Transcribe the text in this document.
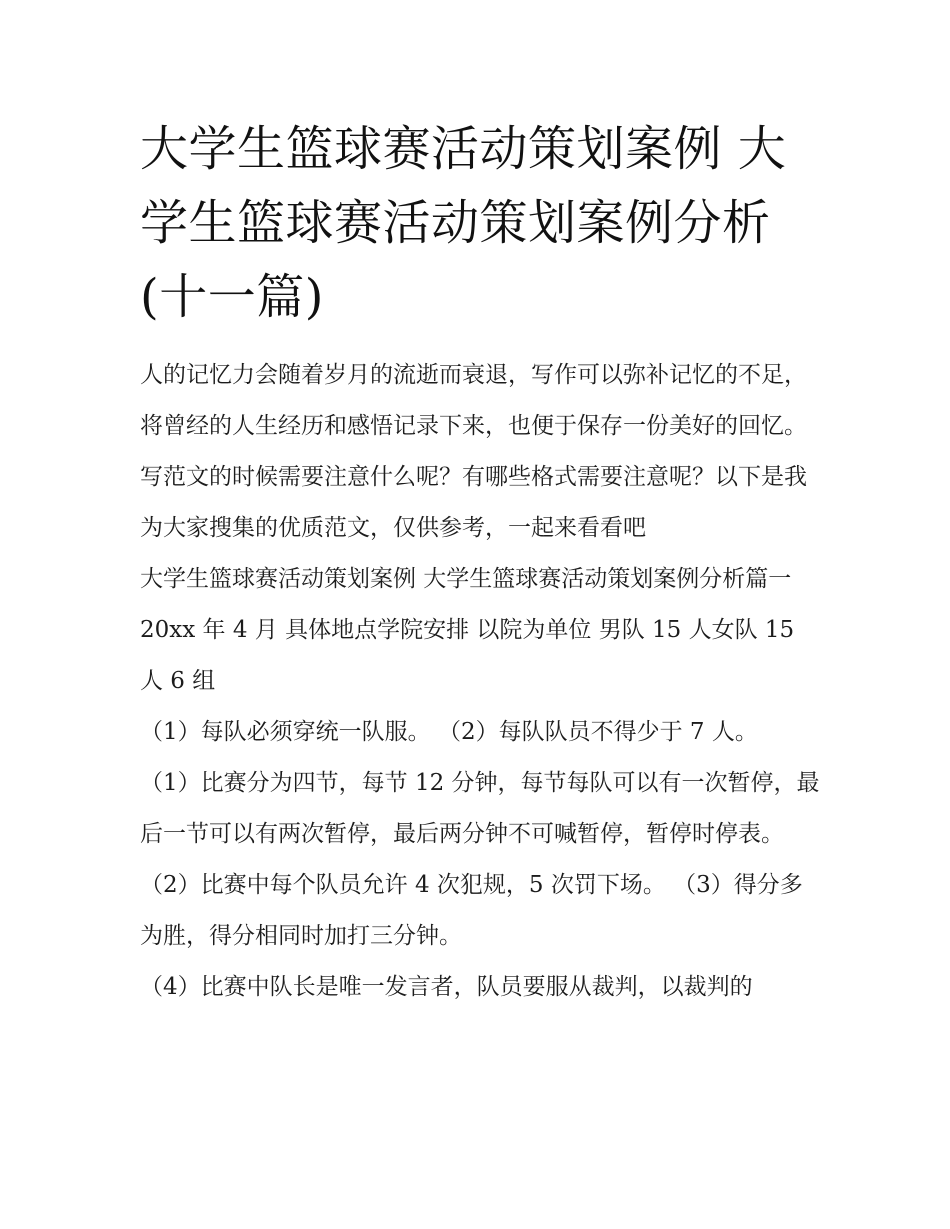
大学生篮球赛活动策划案例 大学生篮球赛活动策划案例分析(十一篇)

人的记忆力会随着岁月的流逝而衰退，写作可以弥补记忆的不足，将曾经的人生经历和感悟记录下来，也便于保存一份美好的回忆。写范文的时候需要注意什么呢？有哪些格式需要注意呢？以下是我为大家搜集的优质范文，仅供参考，一起来看看吧

大学生篮球赛活动策划案例 大学生篮球赛活动策划案例分析篇一 20xx 年 4 月 具体地点学院安排 以院为单位 男队 15 人女队 15 人 6 组

（1）每队必须穿统一队服。 （2）每队队员不得少于 7 人。

（1）比赛分为四节，每节 12 分钟，每节每队可以有一次暂停，最后一节可以有两次暂停，最后两分钟不可喊暂停，暂停时停表。

（2）比赛中每个队员允许 4 次犯规，5 次罚下场。 （3）得分多为胜，得分相同时加打三分钟。

（4）比赛中队长是唯一发言者，队员要服从裁判，以裁判的
